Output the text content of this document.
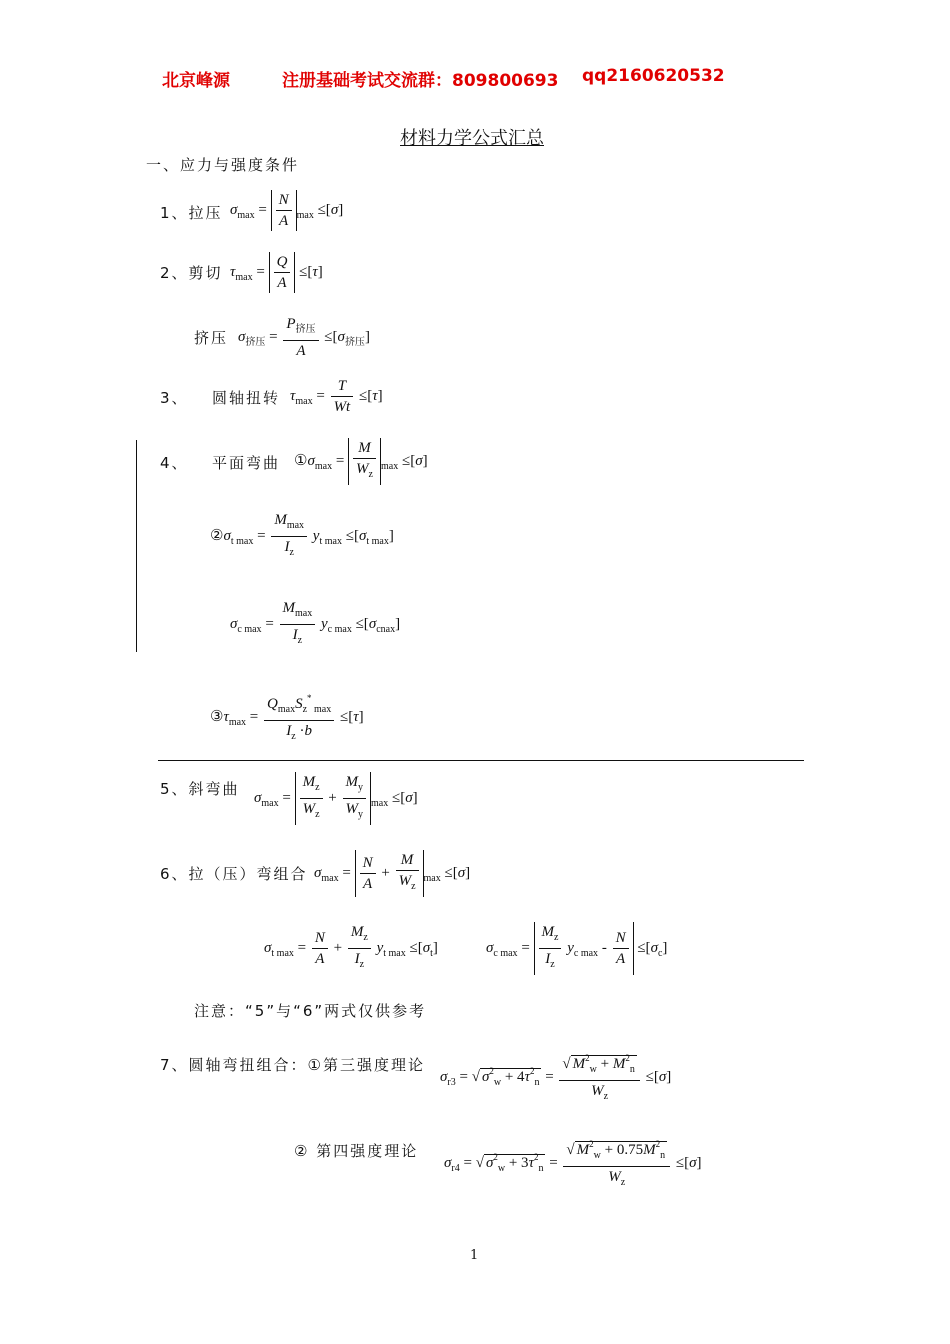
北京峰源	注册基础考试交流群：809800693 qq2160620532
材料力学公式汇总
一、应力与强度条件
1、拉压 $\sigma_{max} = \frac{N}{A} _{max} \le[\sigma]$
2、剪切 $\tau_{max} = \frac{Q}{A} \le[\tau]$
挤压 $\sigma_{挤压} = \frac{P_{挤压}}{A} \le[\sigma_{挤压}]$
3、 圆轴扭转 $\tau_{max} = \frac{T}{Wt} \le[\tau]$
4、 平面弯曲 $①\sigma_{max} = \frac{M}{W_z} _{max} \le[\sigma]$
$②\sigma_{t max} = \frac{M_{max}}{I_z} y_{t max} \le[\sigma_{t max}]$
$\sigma_{c max} = \frac{M_{max}}{I_z} y_{c max} \le[\sigma_{cnax}]$
$③\tau_{max} = \frac{Q_{max}S_z^* _{max}}{I_z \cdot b} \le[\tau]$
5、斜弯曲 $\sigma_{max} = \frac{M_z}{W_z} + \frac{M_y}{W_y} _{max} \le[\sigma]$
6、拉（压）弯组合 $\sigma_{max} = \frac{N}{A} + \frac{M}{W_z} _{max} \le[\sigma]$
$\sigma_{t max} = \frac{N}{A} + \frac{M_z}{I_z} y_{t max} \le[\sigma_t]$	$\sigma_{c max} = \frac{M_z}{I_z} y_{c max} - \frac{N}{A} \le[\sigma_c]$
注意：“5”与“6”两式仅供参考
7、圆轴弯扭组合：①第三强度理论
$\sigma_{r3}$ = √ $\sigma^2_w + 4\tau^2_n = \frac{√ M^2_w + M^2_n}{W_z} \le[\sigma]$
② 第四强度理论
$\sigma_{r4}$ = √ $\sigma^2_w + 3\tau^2_n = \frac{√ M^2_w + 0.75M^2_n}{W_z} \le[\sigma]$
1
